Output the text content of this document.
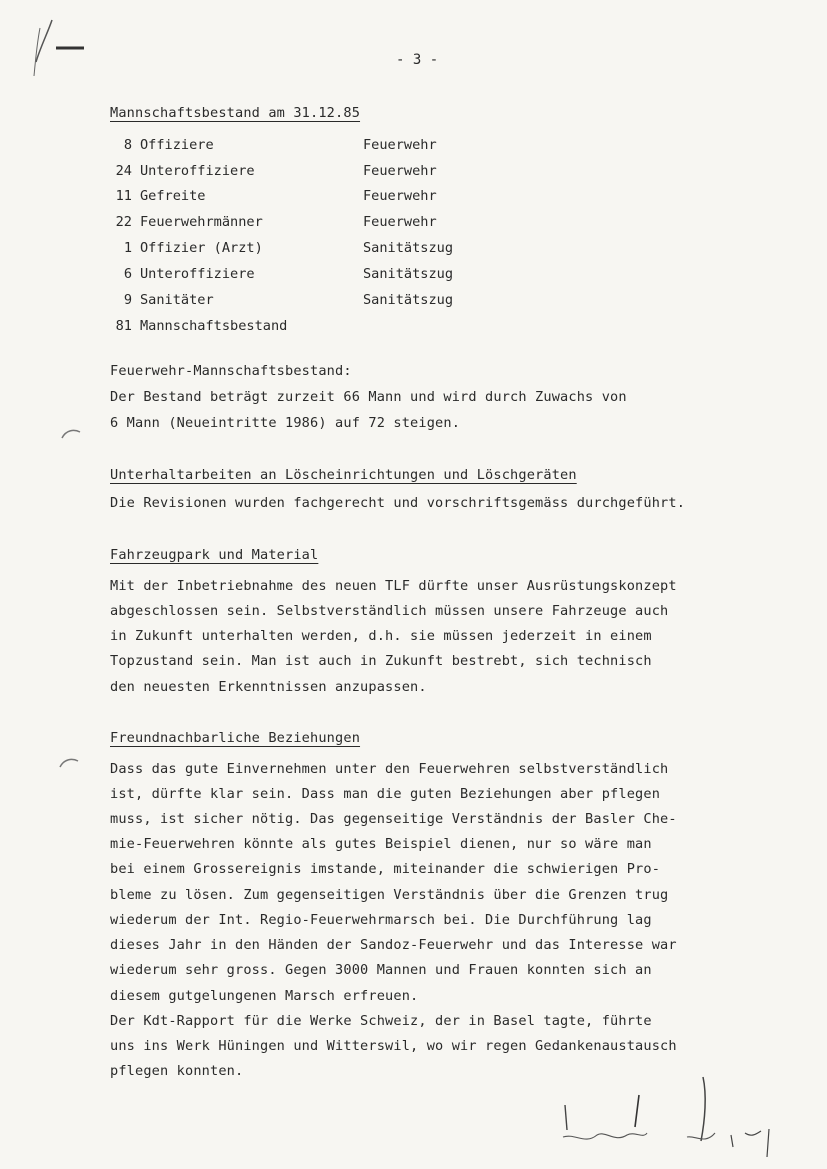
- 3 -
Mannschaftsbestand am 31.12.85
8 Offiziere	Feuerwehr
24 Unteroffiziere	Feuerwehr
11 Gefreite	Feuerwehr
22 Feuerwehrmänner	Feuerwehr
1 Offizier (Arzt)	Sanitätszug
6 Unteroffiziere	Sanitätszug
9 Sanitäter	Sanitätszug
81 Mannschaftsbestand
Feuerwehr-Mannschaftsbestand:
Der Bestand beträgt zurzeit 66 Mann und wird durch Zuwachs von
6 Mann (Neueintritte 1986) auf 72 steigen.
Unterhaltarbeiten an Löscheinrichtungen und Löschgeräten
Die Revisionen wurden fachgerecht und vorschriftsgemäss durchgeführt.
Fahrzeugpark und Material
Mit der Inbetriebnahme des neuen TLF dürfte unser Ausrüstungskonzept
abgeschlossen sein. Selbstverständlich müssen unsere Fahrzeuge auch
in Zukunft unterhalten werden, d.h. sie müssen jederzeit in einem
Topzustand sein. Man ist auch in Zukunft bestrebt, sich technisch
den neuesten Erkenntnissen anzupassen.
Freundnachbarliche Beziehungen
Dass das gute Einvernehmen unter den Feuerwehren selbstverständlich
ist, dürfte klar sein. Dass man die guten Beziehungen aber pflegen
muss, ist sicher nötig. Das gegenseitige Verständnis der Basler Che-
mie-Feuerwehren könnte als gutes Beispiel dienen, nur so wäre man
bei einem Grossereignis imstande, miteinander die schwierigen Pro-
bleme zu lösen. Zum gegenseitigen Verständnis über die Grenzen trug
wiederum der Int. Regio-Feuerwehrmarsch bei. Die Durchführung lag
dieses Jahr in den Händen der Sandoz-Feuerwehr und das Interesse war
wiederum sehr gross. Gegen 3000 Mannen und Frauen konnten sich an
diesem gutgelungenen Marsch erfreuen.
Der Kdt-Rapport für die Werke Schweiz, der in Basel tagte, führte
uns ins Werk Hüningen und Witterswil, wo wir regen Gedankenaustausch
pflegen konnten.
